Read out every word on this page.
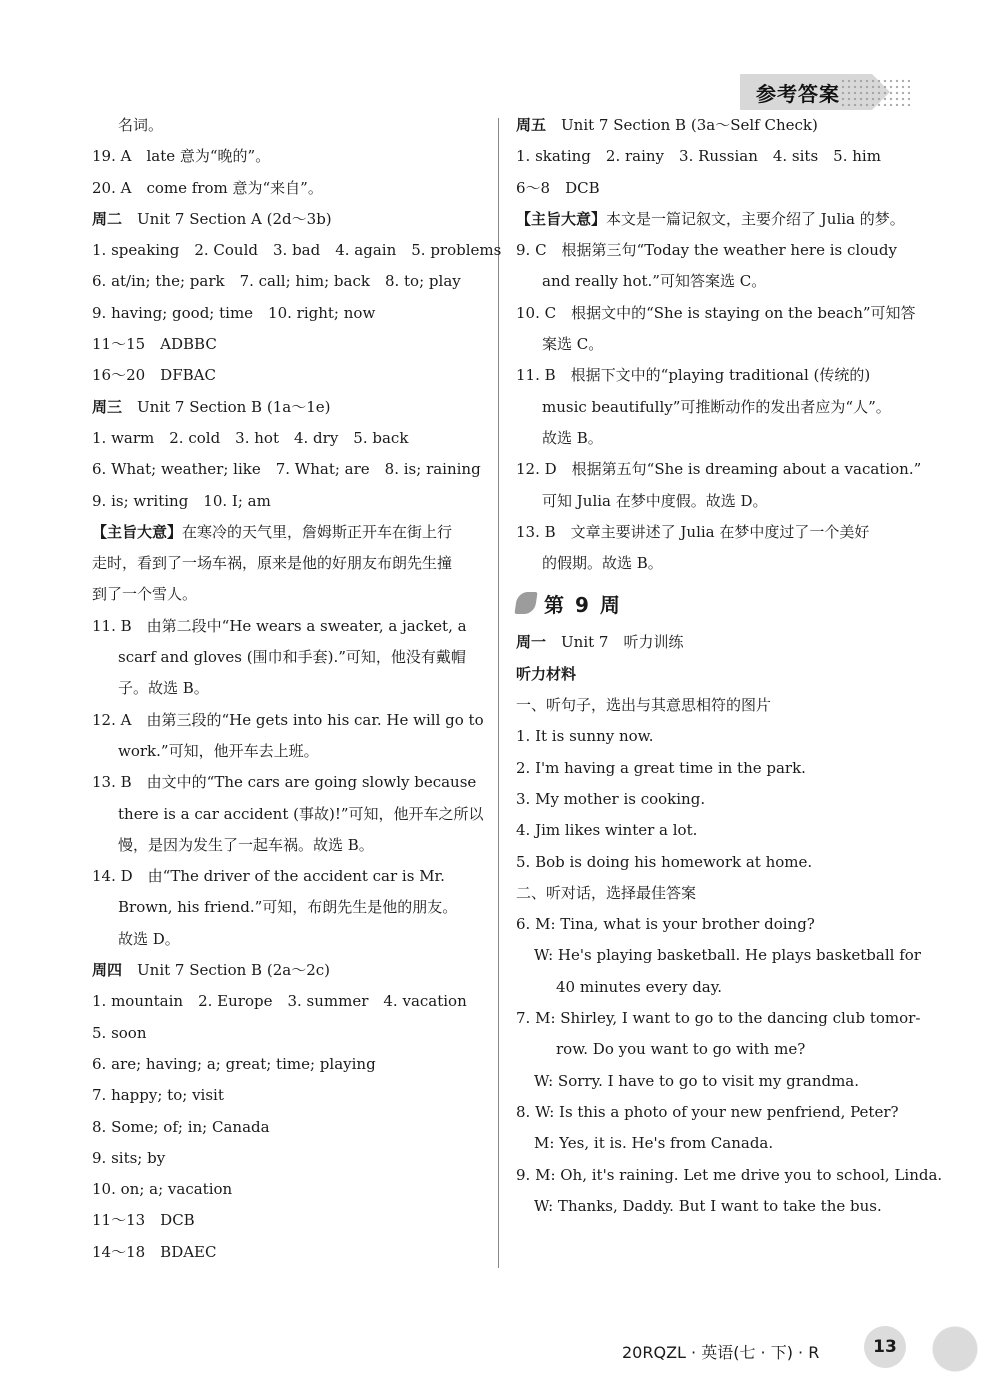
参考答案
名词。
19. A　late 意为“晚的”。
20. A　come from 意为“来自”。
周二　Unit 7 Section A (2d～3b)
1. speaking　2. Could　3. bad　4. again　5. problems
6. at/in; the; park　7. call; him; back　8. to; play
9. having; good; time　10. right; now
11～15　ADBBC
16～20　DFBAC
周三　Unit 7 Section B (1a～1e)
1. warm　2. cold　3. hot　4. dry　5. back
6. What; weather; like　7. What; are　8. is; raining
9. is; writing　10. I; am
【主旨大意】在寒冷的天气里，詹姆斯正开车在街上行
走时，看到了一场车祸，原来是他的好朋友布朗先生撞
到了一个雪人。
11. B　由第二段中“He wears a sweater, a jacket, a
scarf and gloves (围巾和手套).”可知，他没有戴帽
子。故选 B。
12. A　由第三段的“He gets into his car. He will go to
work.”可知，他开车去上班。
13. B　由文中的“The cars are going slowly because
there is a car accident (事故)!”可知，他开车之所以
慢，是因为发生了一起车祸。故选 B。
14. D　由“The driver of the accident car is Mr.
Brown, his friend.”可知，布朗先生是他的朋友。
故选 D。
周四　Unit 7 Section B (2a～2c)
1. mountain　2. Europe　3. summer　4. vacation
5. soon
6. are; having; a; great; time; playing
7. happy; to; visit
8. Some; of; in; Canada
9. sits; by
10. on; a; vacation
11～13　DCB
14～18　BDAEC
周五　Unit 7 Section B (3a～Self Check)
1. skating　2. rainy　3. Russian　4. sits　5. him
6～8　DCB
【主旨大意】本文是一篇记叙文，主要介绍了 Julia 的梦。
9. C　根据第三句“Today the weather here is cloudy
and really hot.”可知答案选 C。
10. C　根据文中的“She is staying on the beach”可知答
案选 C。
11. B　根据下文中的“playing traditional (传统的)
music beautifully”可推断动作的发出者应为“人”。
故选 B。
12. D　根据第五句“She is dreaming about a vacation.”
可知 Julia 在梦中度假。故选 D。
13. B　文章主要讲述了 Julia 在梦中度过了一个美好
的假期。故选 B。
第 9 周
周一　Unit 7　听力训练
听力材料
一、听句子，选出与其意思相符的图片
1. It is sunny now.
2. I'm having a great time in the park.
3. My mother is cooking.
4. Jim likes winter a lot.
5. Bob is doing his homework at home.
二、听对话，选择最佳答案
6. M: Tina, what is your brother doing?
W: He's playing basketball. He plays basketball for
40 minutes every day.
7. M: Shirley, I want to go to the dancing club tomor-
row. Do you want to go with me?
W: Sorry. I have to go to visit my grandma.
8. W: Is this a photo of your new penfriend, Peter?
M: Yes, it is. He's from Canada.
9. M: Oh, it's raining. Let me drive you to school, Linda.
W: Thanks, Daddy. But I want to take the bus.
20RQZL · 英语(七 · 下) · R	13
